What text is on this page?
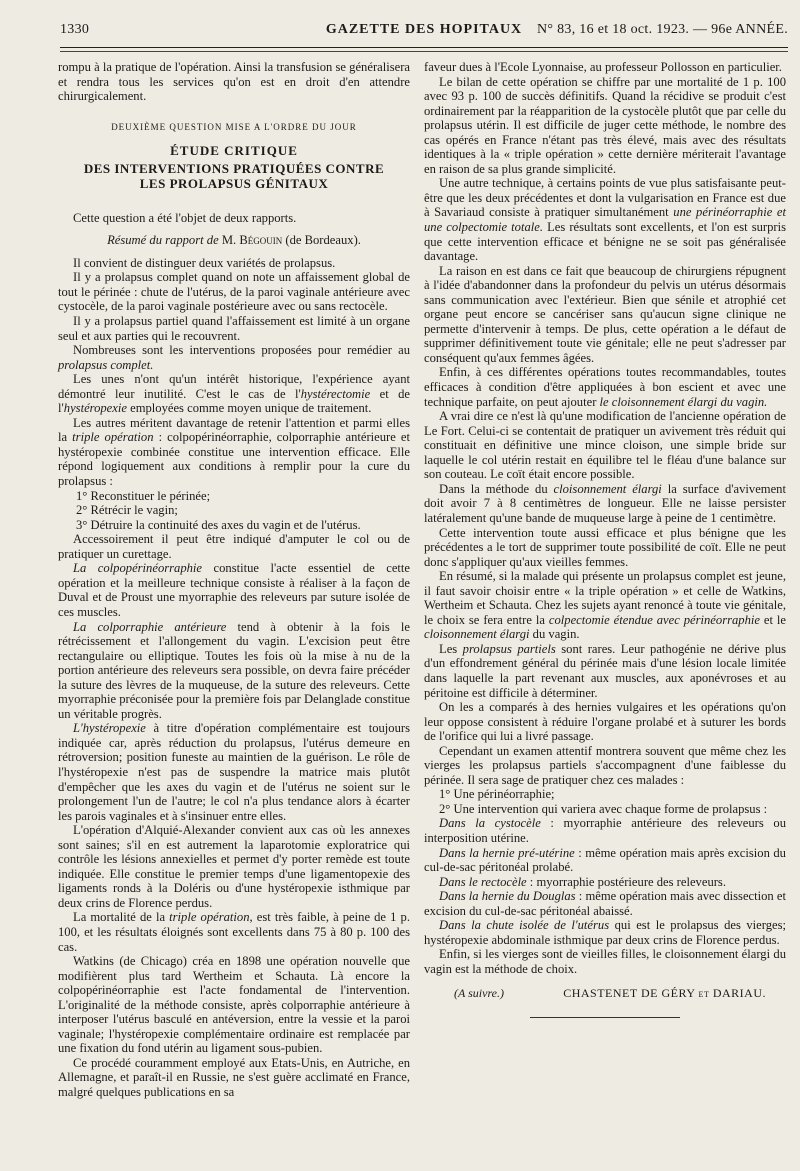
1330	GAZETTE DES HOPITAUX	N° 83, 16 et 18 oct. 1923. — 96e ANNÉE.

rompu à la pratique de l'opération. Ainsi la transfusion se généralisera et rendra tous les services qu'on est en droit d'en attendre chirurgicalement.

DEUXIÈME QUESTION MISE A L'ORDRE DU JOUR
ÉTUDE CRITIQUE
DES INTERVENTIONS PRATIQUÉES CONTRE
LES PROLAPSUS GÉNITAUX

Cette question a été l'objet de deux rapports.

Résumé du rapport de M. Bégouin (de Bordeaux).

Il convient de distinguer deux variétés de prolapsus.

Il y a prolapsus complet quand on note un affaissement global de tout le périnée : chute de l'utérus, de la paroi vaginale antérieure avec cystocèle, de la paroi vaginale postérieure avec ou sans rectocèle.

Il y a prolapsus partiel quand l'affaissement est limité à un organe seul et aux parties qui le recouvrent.

Nombreuses sont les interventions proposées pour remédier au prolapsus complet.

Les unes n'ont qu'un intérêt historique, l'expérience ayant démontré leur inutilité. C'est le cas de l'hystérectomie et de l'hystéropexie employées comme moyen unique de traitement.

Les autres méritent davantage de retenir l'attention et parmi elles la triple opération : colpopérinéorraphie, colporraphie antérieure et hystéropexie combinée constitue une intervention efficace. Elle répond logiquement aux conditions à remplir pour la cure du prolapsus :

1° Reconstituer le périnée;

2° Rétrécir le vagin;

3° Détruire la continuité des axes du vagin et de l'utérus.

Accessoirement il peut être indiqué d'amputer le col ou de pratiquer un curettage.

La colpopérinéorraphie constitue l'acte essentiel de cette opération et la meilleure technique consiste à réaliser à la façon de Duval et de Proust une myorraphie des releveurs par suture isolée de ces muscles.

La colporraphie antérieure tend à obtenir à la fois le rétrécissement et l'allongement du vagin. L'excision peut être rectangulaire ou elliptique. Toutes les fois où la mise à nu de la portion antérieure des releveurs sera possible, on devra faire précéder la suture des lèvres de la muqueuse, de la suture des releveurs. Cette myorraphie préconisée pour la première fois par Delanglade constitue un véritable progrès.

L'hystéropexie à titre d'opération complémentaire est toujours indiquée car, après réduction du prolapsus, l'utérus demeure en rétroversion; position funeste au maintien de la guérison. Le rôle de l'hystéropexie n'est pas de suspendre la matrice mais plutôt d'empêcher que les axes du vagin et de l'utérus ne soient sur le prolongement l'un de l'autre; le col n'a plus tendance alors à écarter les parois vaginales et à s'insinuer entre elles.

L'opération d'Alquié-Alexander convient aux cas où les annexes sont saines; s'il en est autrement la laparotomie exploratrice qui contrôle les lésions annexielles et permet d'y porter remède est toute indiquée. Elle constitue le premier temps d'une ligamentopexie des ligaments ronds à la Doléris ou d'une hystéropexie isthmique par deux crins de Florence perdus.

La mortalité de la triple opération, est très faible, à peine de 1 p. 100, et les résultats éloignés sont excellents dans 75 à 80 p. 100 des cas.

Watkins (de Chicago) créa en 1898 une opération nouvelle que modifièrent plus tard Wertheim et Schauta. Là encore la colpopérinéorraphie est l'acte fondamental de l'intervention. L'originalité de la méthode consiste, après colporraphie antérieure à interposer l'utérus basculé en antéversion, entre la vessie et la paroi vaginale; l'hystéropexie complémentaire ordinaire est remplacée par une fixation du fond utérin au ligament sous-pubien.

Ce procédé couramment employé aux Etats-Unis, en Autriche, en Allemagne, et paraît-il en Russie, ne s'est guère acclimaté en France, malgré quelques publications en sa

faveur dues à l'Ecole Lyonnaise, au professeur Pollosson en particulier.

Le bilan de cette opération se chiffre par une mortalité de 1 p. 100 avec 93 p. 100 de succès définitifs. Quand la récidive se produit c'est ordinairement par la réapparition de la cystocèle plutôt que par celle du prolapsus utérin. Il est difficile de juger cette méthode, le nombre des cas opérés en France n'étant pas très élevé, mais avec des résultats identiques à la « triple opération » cette dernière mériterait l'avantage en raison de sa plus grande simplicité.

Une autre technique, à certains points de vue plus satisfaisante peut-être que les deux précédentes et dont la vulgarisation en France est due à Savariaud consiste à pratiquer simultanément une périnéorraphie et une colpectomie totale. Les résultats sont excellents, et l'on est surpris que cette intervention efficace et bénigne ne se soit pas généralisée davantage.

La raison en est dans ce fait que beaucoup de chirurgiens répugnent à l'idée d'abandonner dans la profondeur du pelvis un utérus désormais sans communication avec l'extérieur. Bien que sénile et atrophié cet organe peut encore se cancériser sans qu'aucun signe clinique ne permette d'intervenir à temps. De plus, cette opération a le défaut de supprimer définitivement toute vie génitale; elle ne peut s'adresser par conséquent qu'aux femmes âgées.

Enfin, à ces différentes opérations toutes recommandables, toutes efficaces à condition d'être appliquées à bon escient et avec une technique parfaite, on peut ajouter le cloisonnement élargi du vagin.

A vrai dire ce n'est là qu'une modification de l'ancienne opération de Le Fort. Celui-ci se contentait de pratiquer un avivement très réduit qui constituait en définitive une mince cloison, une simple bride sur laquelle le col utérin restait en équilibre tel le fléau d'une balance sur son couteau. Le coït était encore possible.

Dans la méthode du cloisonnement élargi la surface d'avivement doit avoir 7 à 8 centimètres de longueur. Elle ne laisse persister latéralement qu'une bande de muqueuse large à peine de 1 centimètre.

Cette intervention toute aussi efficace et plus bénigne que les précédentes a le tort de supprimer toute possibilité de coït. Elle ne peut donc s'appliquer qu'aux vieilles femmes.

En résumé, si la malade qui présente un prolapsus complet est jeune, il faut savoir choisir entre « la triple opération » et celle de Watkins, Wertheim et Schauta. Chez les sujets ayant renoncé à toute vie génitale, le choix se fera entre la colpectomie étendue avec périnéorraphie et le cloisonnement élargi du vagin.

Les prolapsus partiels sont rares. Leur pathogénie ne dérive plus d'un effondrement général du périnée mais d'une lésion locale limitée dans laquelle la part revenant aux muscles, aux aponévroses et au péritoine est difficile à déterminer.

On les a comparés à des hernies vulgaires et les opérations qu'on leur oppose consistent à réduire l'organe prolabé et à suturer les bords de l'orifice qui lui a livré passage.

Cependant un examen attentif montrera souvent que même chez les vierges les prolapsus partiels s'accompagnent d'une faiblesse du périnée. Il sera sage de pratiquer chez ces malades :

1° Une périnéorraphie;

2° Une intervention qui variera avec chaque forme de prolapsus :

Dans la cystocèle : myorraphie antérieure des releveurs ou interposition utérine.

Dans la hernie pré-utérine : même opération mais après excision du cul-de-sac péritonéal prolabé.

Dans le rectocèle : myorraphie postérieure des releveurs.

Dans la hernie du Douglas : même opération mais avec dissection et excision du cul-de-sac péritonéal abaissé.

Dans la chute isolée de l'utérus qui est le prolapsus des vierges; hystéropexie abdominale isthmique par deux crins de Florence perdus.

Enfin, si les vierges sont de vieilles filles, le cloisonnement élargi du vagin est la méthode de choix.

(A suivre.)	CHASTENET DE GÉRY et DARIAU.
